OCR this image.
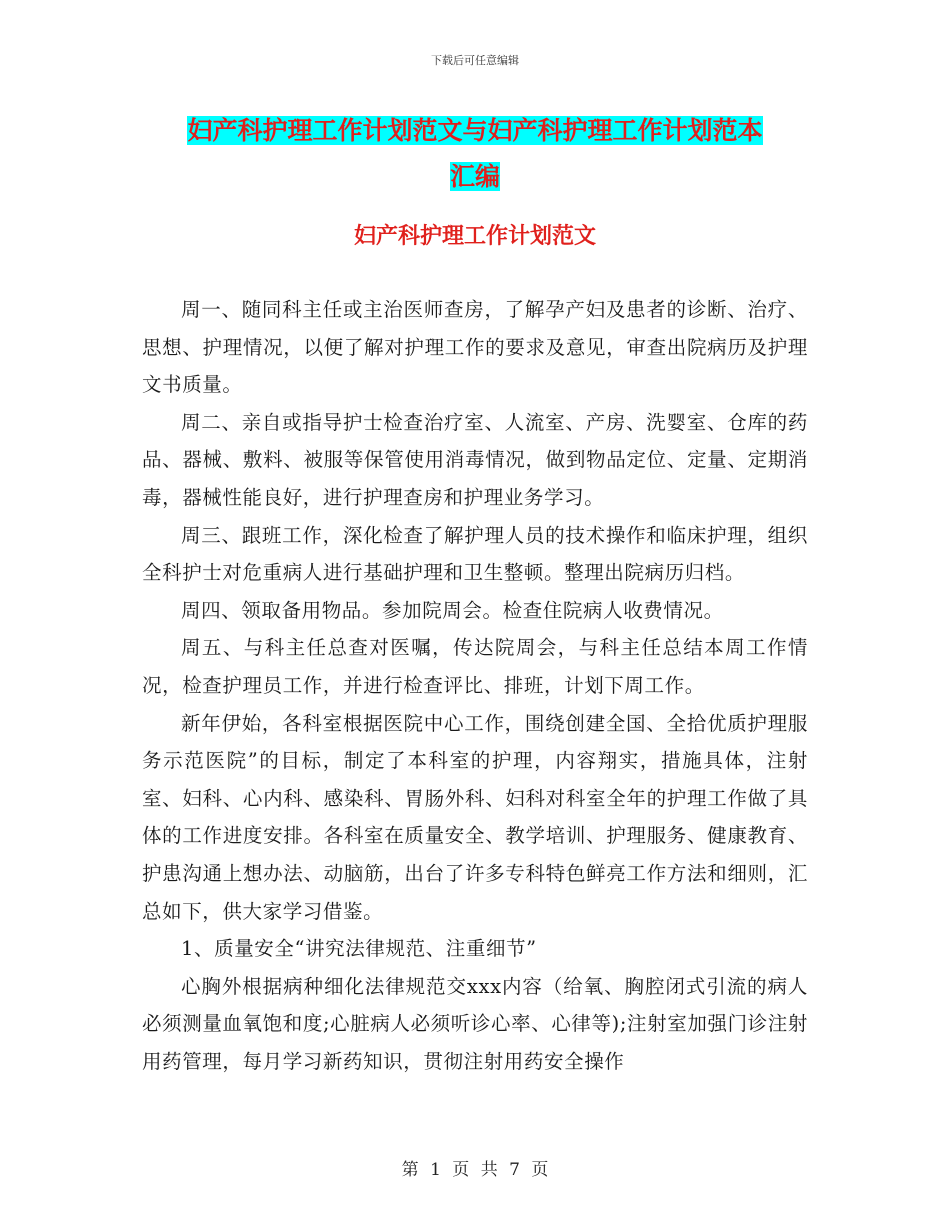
下载后可任意编辑
妇产科护理工作计划范文与妇产科护理工作计划范本
汇编
妇产科护理工作计划范文

周一、随同科主任或主治医师查房，了解孕产妇及患者的诊断、治疗、思想、护理情况，以便了解对护理工作的要求及意见，审查出院病历及护理文书质量。

周二、亲自或指导护士检查治疗室、人流室、产房、洗婴室、仓库的药品、器械、敷料、被服等保管使用消毒情况，做到物品定位、定量、定期消毒，器械性能良好，进行护理查房和护理业务学习。

周三、跟班工作，深化检查了解护理人员的技术操作和临床护理，组织全科护士对危重病人进行基础护理和卫生整顿。整理出院病历归档。

周四、领取备用物品。参加院周会。检查住院病人收费情况。

周五、与科主任总查对医嘱，传达院周会，与科主任总结本周工作情况，检查护理员工作，并进行检查评比、排班，计划下周工作。

新年伊始，各科室根据医院中心工作，围绕创建全国、全拾优质护理服务示范医院”的目标，制定了本科室的护理，内容翔实，措施具体，注射室、妇科、心内科、感染科、胃肠外科、妇科对科室全年的护理工作做了具体的工作进度安排。各科室在质量安全、教学培训、护理服务、健康教育、护患沟通上想办法、动脑筋，出台了许多专科特色鲜亮工作方法和细则，汇总如下，供大家学习借鉴。

1、质量安全“讲究法律规范、注重细节”

心胸外根据病种细化法律规范交xxx内容（给氧、胸腔闭式引流的病人必须测量血氧饱和度;心脏病人必须听诊心率、心律等);注射室加强门诊注射用药管理，每月学习新药知识，贯彻注射用药安全操作

第 1 页 共 7 页
